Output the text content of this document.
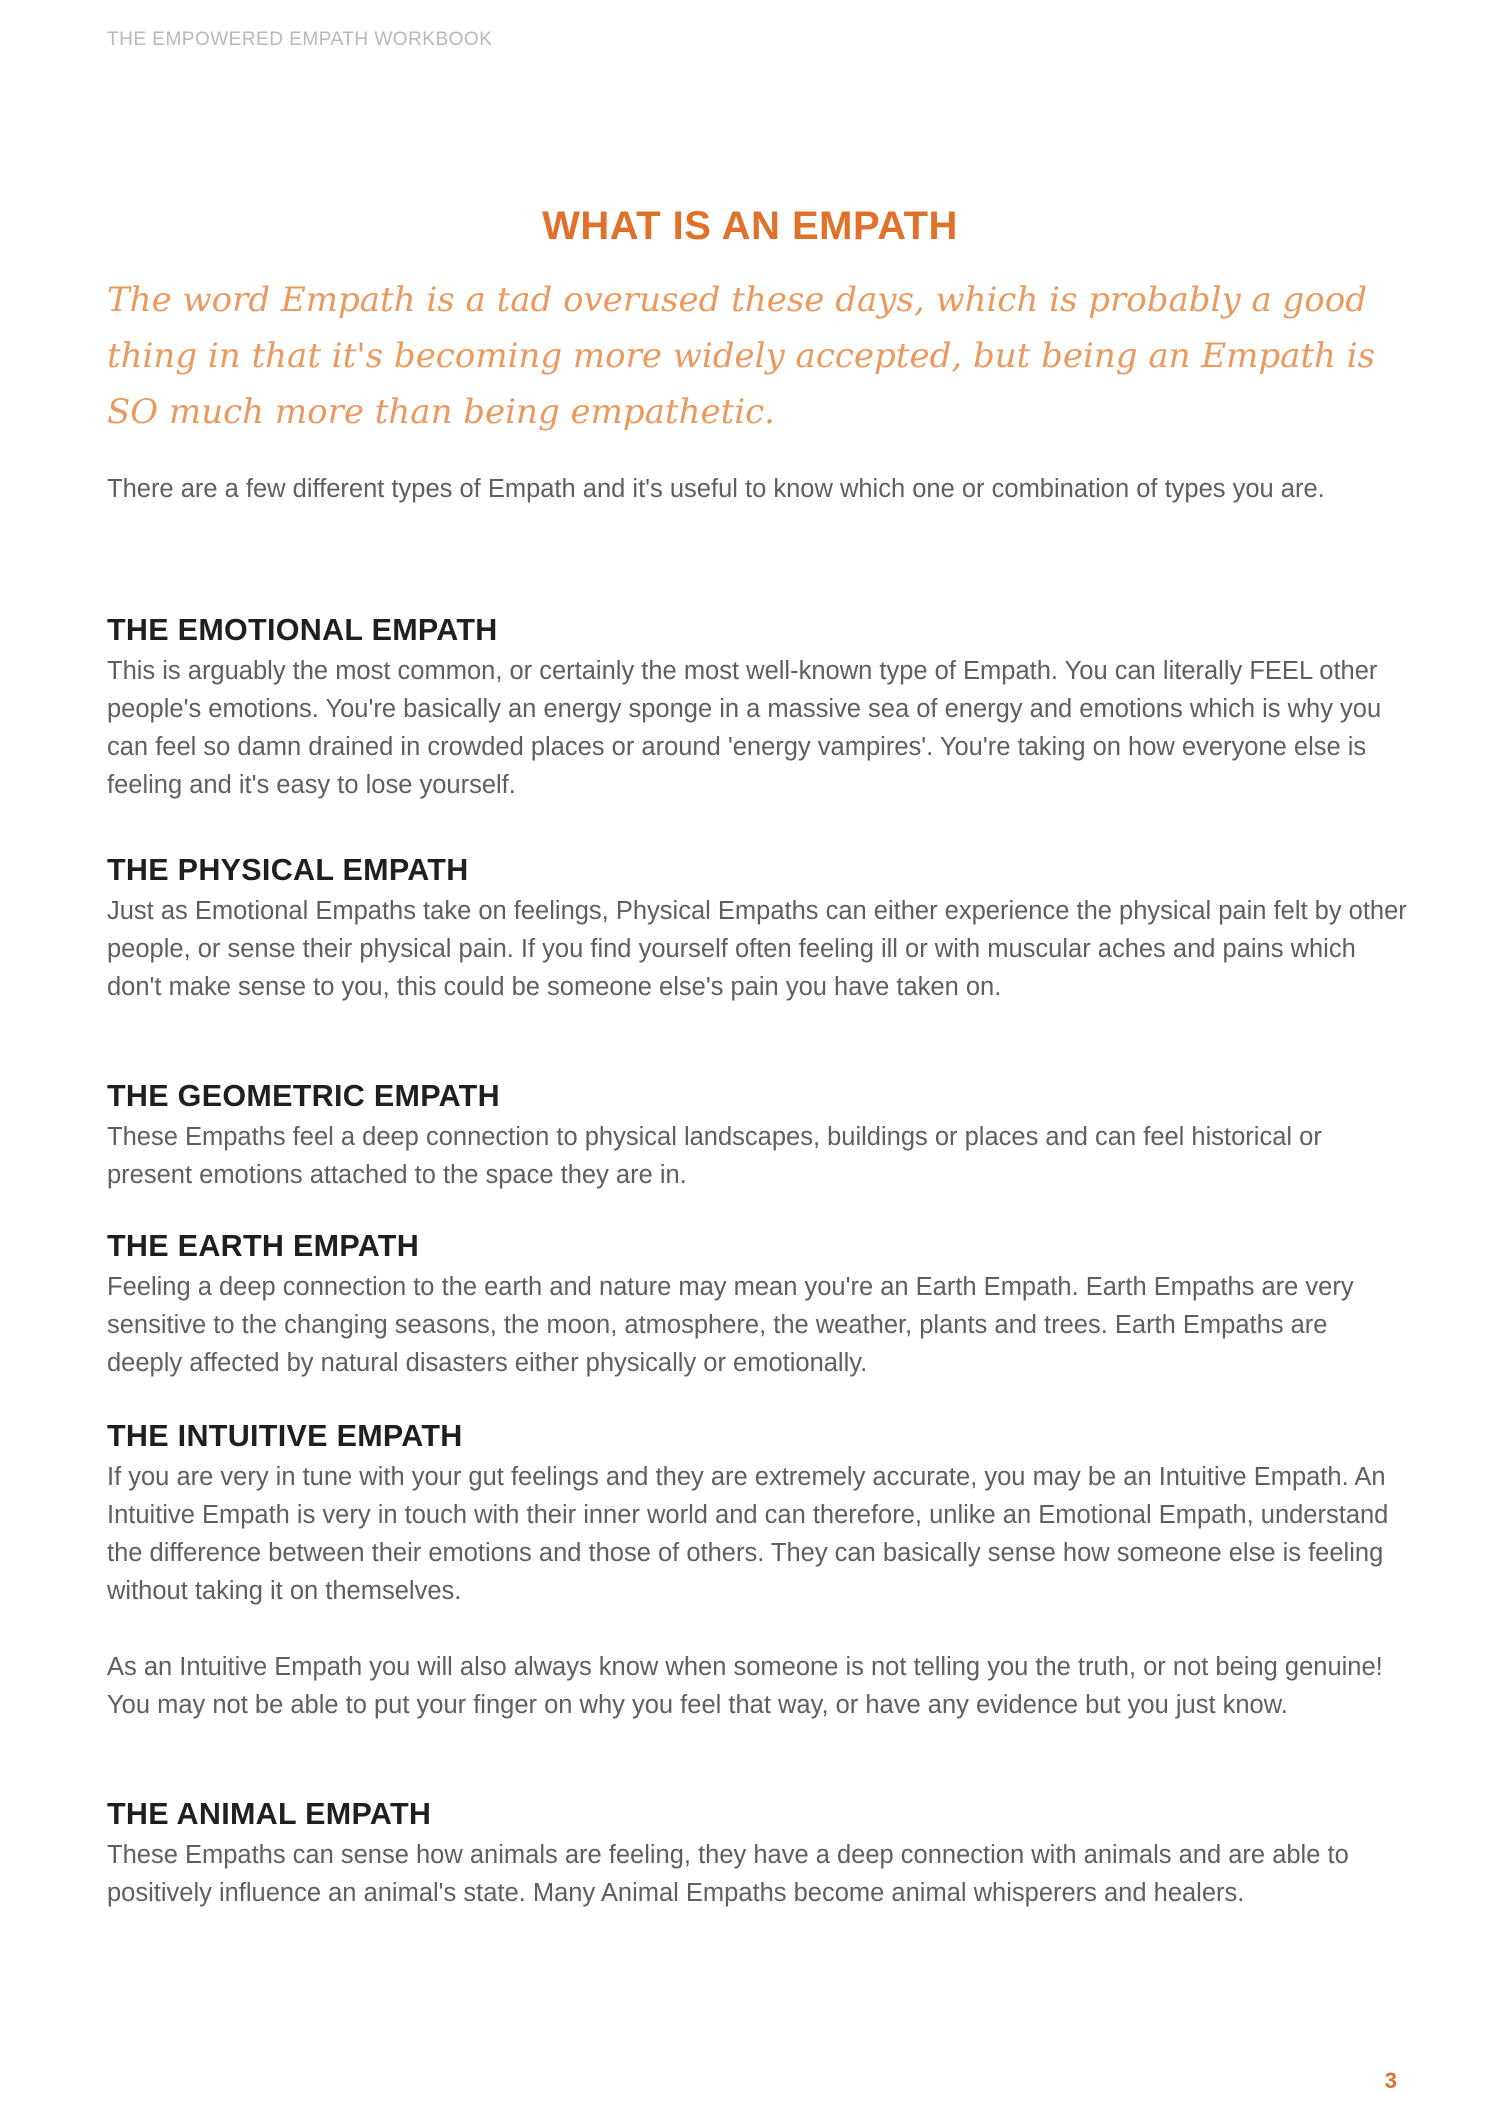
THE EMPOWERED EMPATH WORKBOOK
WHAT IS AN EMPATH

The word Empath is a tad overused these days, which is probably a good thing in that it's becoming more widely accepted, but being an Empath is SO much more than being empathetic.

There are a few different types of Empath and it's useful to know which one or combination of types you are.

THE EMOTIONAL EMPATH

This is arguably the most common, or certainly the most well-known type of Empath. You can literally FEEL other people's emotions. You're basically an energy sponge in a massive sea of energy and emotions which is why you can feel so damn drained in crowded places or around 'energy vampires'. You're taking on how everyone else is feeling and it's easy to lose yourself.

THE PHYSICAL EMPATH

Just as Emotional Empaths take on feelings, Physical Empaths can either experience the physical pain felt by other people, or sense their physical pain. If you find yourself often feeling ill or with muscular aches and pains which don't make sense to you, this could be someone else's pain you have taken on.

THE GEOMETRIC EMPATH

These Empaths feel a deep connection to physical landscapes, buildings or places and can feel historical or present emotions attached to the space they are in.

THE EARTH EMPATH

Feeling a deep connection to the earth and nature may mean you're an Earth Empath. Earth Empaths are very sensitive to the changing seasons, the moon, atmosphere, the weather, plants and trees. Earth Empaths are deeply affected by natural disasters either physically or emotionally.

THE INTUITIVE EMPATH

If you are very in tune with your gut feelings and they are extremely accurate, you may be an Intuitive Empath. An Intuitive Empath is very in touch with their inner world and can therefore, unlike an Emotional Empath, understand the difference between their emotions and those of others. They can basically sense how someone else is feeling without taking it on themselves.

As an Intuitive Empath you will also always know when someone is not telling you the truth, or not being genuine! You may not be able to put your finger on why you feel that way, or have any evidence but you just know.

THE ANIMAL EMPATH

These Empaths can sense how animals are feeling, they have a deep connection with animals and are able to positively influence an animal's state. Many Animal Empaths become animal whisperers and healers.

3
